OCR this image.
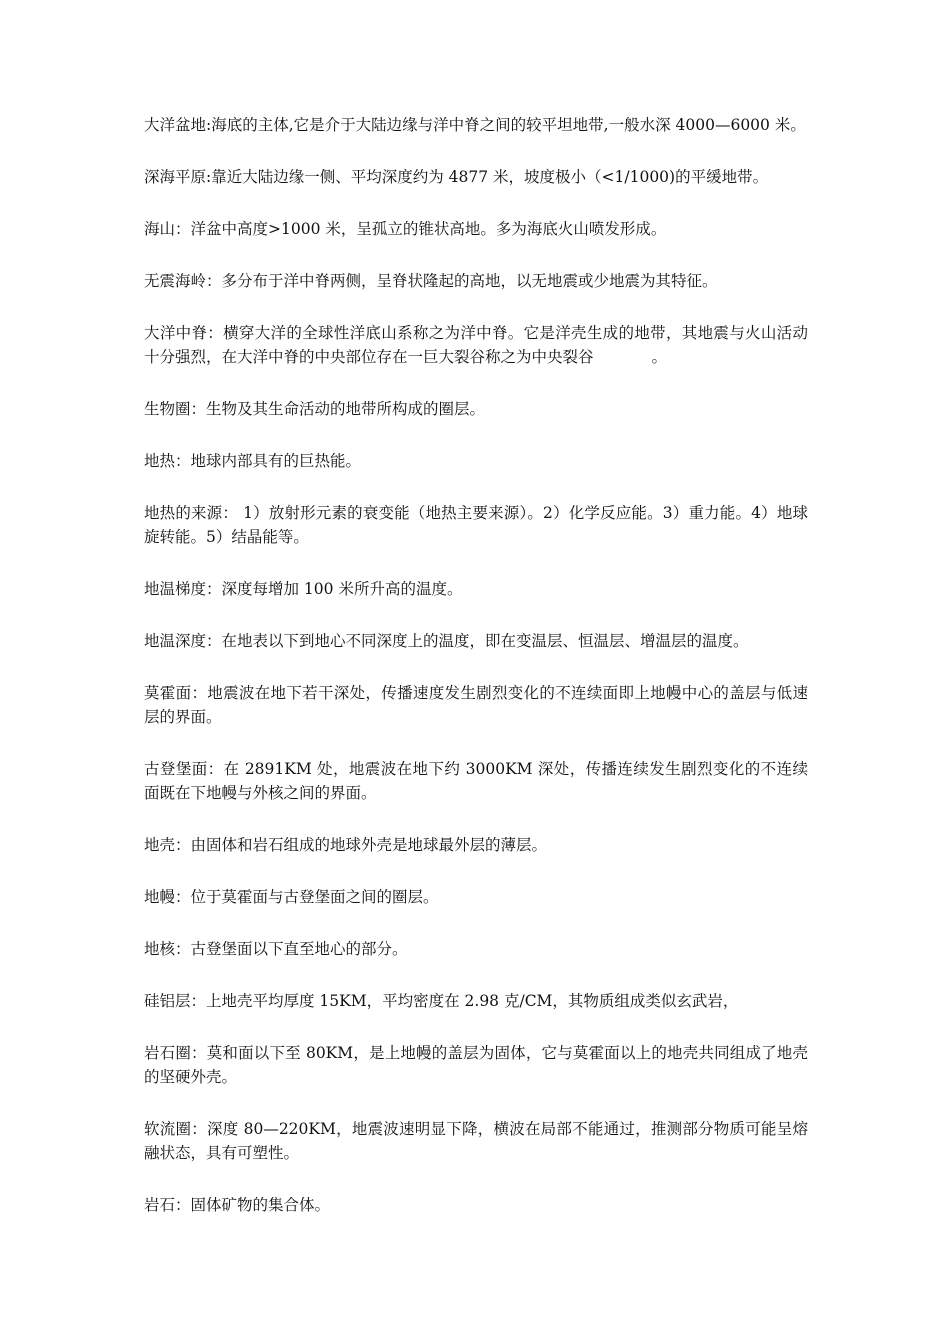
大洋盆地:海底的主体,它是介于大陆边缘与洋中脊之间的较平坦地带,一般水深 4000—6000 米。

深海平原:靠近大陆边缘一侧、平均深度约为 4877 米，坡度极小（<1/1000)的平缓地带。

海山：洋盆中高度>1000 米，呈孤立的锥状高地。多为海底火山喷发形成。

无震海岭：多分布于洋中脊两侧，呈脊状隆起的高地，以无地震或少地震为其特征。

大洋中脊：横穿大洋的全球性洋底山系称之为洋中脊。它是洋壳生成的地带，其地震与火山活动十分强烈，在大洋中脊的中央部位存在一巨大裂谷称之为中央裂谷	。

生物圈：生物及其生命活动的地带所构成的圈层。

地热：地球内部具有的巨热能。

地热的来源： 1）放射形元素的衰变能（地热主要来源）。2）化学反应能。3）重力能。4）地球旋转能。5）结晶能等。

地温梯度：深度每增加 100 米所升高的温度。

地温深度：在地表以下到地心不同深度上的温度，即在变温层、恒温层、增温层的温度。

莫霍面：地震波在地下若干深处，传播速度发生剧烈变化的不连续面即上地幔中心的盖层与低速层的界面。

古登堡面：在 2891KM 处，地震波在地下约 3000KM 深处，传播连续发生剧烈变化的不连续面既在下地幔与外核之间的界面。

地壳：由固体和岩石组成的地球外壳是地球最外层的薄层。

地幔：位于莫霍面与古登堡面之间的圈层。

地核：古登堡面以下直至地心的部分。

硅铝层：上地壳平均厚度 15KM，平均密度在 2.98 克/CM，其物质组成类似玄武岩，

岩石圈：莫和面以下至 80KM，是上地幔的盖层为固体，它与莫霍面以上的地壳共同组成了地壳的坚硬外壳。

软流圈：深度 80—220KM，地震波速明显下降，横波在局部不能通过，推测部分物质可能呈熔融状态，具有可塑性。

岩石：固体矿物的集合体。
